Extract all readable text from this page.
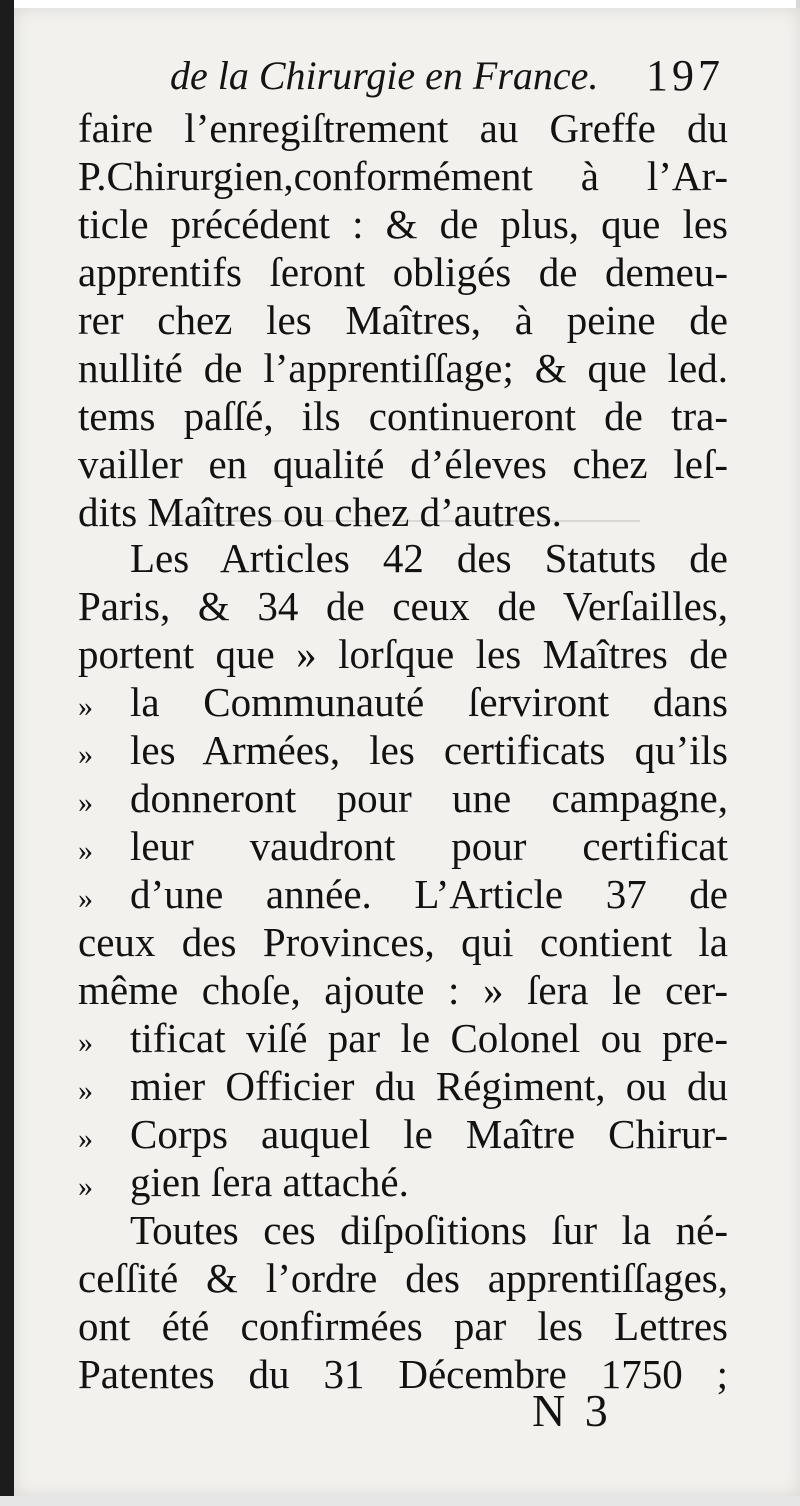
de la Chirurgie en France. 197
faire l’enregiſtrement au Greffe du
P.Chirurgien,conformément à l’Ar-
ticle précédent : & de plus, que les
apprentifs ſeront obligés de demeu-
rer chez les Maîtres, à peine de
nullité de l’apprentiſſage; & que led.
tems paſſé, ils continueront de tra-
vailler en qualité d’éleves chez leſ-
dits Maîtres ou chez d’autres.
Les Articles 42 des Statuts de
Paris, & 34 de ceux de Verſailles,
portent que » lorſque les Maîtres de
» la Communauté ſerviront dans
» les Armées, les certificats qu’ils
» donneront pour une campagne,
» leur vaudront pour certificat
» d’une année. L’Article 37 de
ceux des Provinces, qui contient la
même choſe, ajoute : » ſera le cer-
» tificat viſé par le Colonel ou pre-
» mier Officier du Régiment, ou du
» Corps auquel le Maître Chirur-
» gien ſera attaché.
Toutes ces diſpoſitions ſur la né-
ceſſité & l’ordre des apprentiſſages,
ont été confirmées par les Lettres
Patentes du 31 Décembre 1750 ;
N 3
